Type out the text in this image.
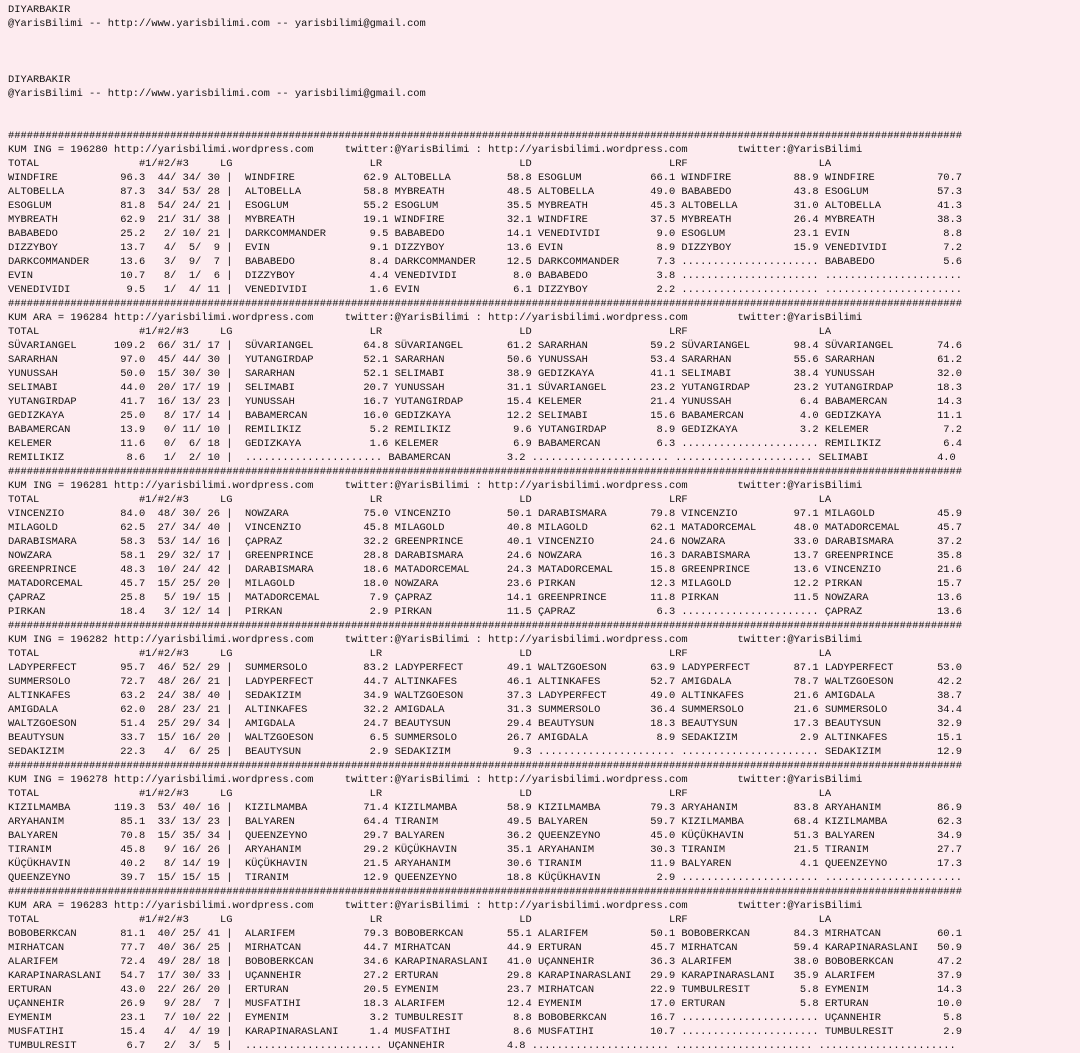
DIYARBAKIR
@YarisBilimi -- http://www.yarisbilimi.com -- yarisbilimi@gmail.com
DIYARBAKIR
@YarisBilimi -- http://www.yarisbilimi.com -- yarisbilimi@gmail.com
#########################################################################################################################################################
KUM ING = 196280 http://yarisbilimi.wordpress.com     twitter:@YarisBilimi : http://yarisbilimi.wordpress.com        twitter:@YarisBilimi
TOTAL                #1/#2/#3     LG                      LR                      LD                      LRF                     LA
WINDFIRE          96.3  44/ 34/ 30 |  WINDFIRE           62.9 ALTOBELLA         58.8 ESOGLUM           66.1 WINDFIRE          88.9 WINDFIRE          70.7
ALTOBELLA         87.3  34/ 53/ 28 |  ALTOBELLA          58.8 MYBREATH          48.5 ALTOBELLA         49.0 BABABEDO          43.8 ESOGLUM           57.3
ESOGLUM           81.8  54/ 24/ 21 |  ESOGLUM            55.2 ESOGLUM           35.5 MYBREATH          45.3 ALTOBELLA         31.0 ALTOBELLA         41.3
MYBREATH          62.9  21/ 31/ 38 |  MYBREATH           19.1 WINDFIRE          32.1 WINDFIRE          37.5 MYBREATH          26.4 MYBREATH          38.3
BABABEDO          25.2   2/ 10/ 21 |  DARKCOMMANDER       9.5 BABABEDO          14.1 VENEDIVIDI         9.0 ESOGLUM           23.1 EVIN               8.8
DIZZYBOY          13.7   4/  5/  9 |  EVIN                9.1 DIZZYBOY          13.6 EVIN               8.9 DIZZYBOY          15.9 VENEDIVIDI         7.2
DARKCOMMANDER     13.6   3/  9/  7 |  BABABEDO            8.4 DARKCOMMANDER     12.5 DARKCOMMANDER      7.3 ...................... BABABEDO           5.6
EVIN              10.7   8/  1/  6 |  DIZZYBOY            4.4 VENEDIVIDI         8.0 BABABEDO           3.8 ...................... ......................
VENEDIVIDI         9.5   1/  4/ 11 |  VENEDIVIDI          1.6 EVIN               6.1 DIZZYBOY           2.2 ...................... ......................
#########################################################################################################################################################
KUM ARA = 196284 http://yarisbilimi.wordpress.com     twitter:@YarisBilimi : http://yarisbilimi.wordpress.com        twitter:@YarisBilimi
TOTAL                #1/#2/#3     LG                      LR                      LD                      LRF                     LA
SÜVARIANGEL      109.2  66/ 31/ 17 |  SÜVARIANGEL        64.8 SÜVARIANGEL       61.2 SARARHAN          59.2 SÜVARIANGEL       98.4 SÜVARIANGEL       74.6
SARARHAN          97.0  45/ 44/ 30 |  YUTANGIRDAP        52.1 SARARHAN          50.6 YUNUSSAH          53.4 SARARHAN          55.6 SARARHAN          61.2
YUNUSSAH          50.0  15/ 30/ 30 |  SARARHAN           52.1 SELIMABI          38.9 GEDIZKAYA         41.1 SELIMABI          38.4 YUNUSSAH          32.0
SELIMABI          44.0  20/ 17/ 19 |  SELIMABI           20.7 YUNUSSAH          31.1 SÜVARIANGEL       23.2 YUTANGIRDAP       23.2 YUTANGIRDAP       18.3
YUTANGIRDAP       41.7  16/ 13/ 23 |  YUNUSSAH           16.7 YUTANGIRDAP       15.4 KELEMER           21.4 YUNUSSAH           6.4 BABAMERCAN        14.3
GEDIZKAYA         25.0   8/ 17/ 14 |  BABAMERCAN         16.0 GEDIZKAYA         12.2 SELIMABI          15.6 BABAMERCAN         4.0 GEDIZKAYA         11.1
BABAMERCAN        13.9   0/ 11/ 10 |  REMILIKIZ           5.2 REMILIKIZ          9.6 YUTANGIRDAP        8.9 GEDIZKAYA          3.2 KELEMER            7.2
KELEMER           11.6   0/  6/ 18 |  GEDIZKAYA           1.6 KELEMER            6.9 BABAMERCAN         6.3 ...................... REMILIKIZ          6.4
REMILIKIZ          8.6   1/  2/ 10 |  ...................... BABAMERCAN         3.2 ...................... ...................... SELIMABI           4.0
#########################################################################################################################################################
KUM ING = 196281 http://yarisbilimi.wordpress.com     twitter:@YarisBilimi : http://yarisbilimi.wordpress.com        twitter:@YarisBilimi
TOTAL                #1/#2/#3     LG                      LR                      LD                      LRF                     LA
VINCENZIO         84.0  48/ 30/ 26 |  NOWZARA            75.0 VINCENZIO         50.1 DARABISMARA       79.8 VINCENZIO         97.1 MILAGOLD          45.9
MILAGOLD          62.5  27/ 34/ 40 |  VINCENZIO          45.8 MILAGOLD          40.8 MILAGOLD          62.1 MATADORCEMAL      48.0 MATADORCEMAL      45.7
DARABISMARA       58.3  53/ 14/ 16 |  ÇAPRAZ             32.2 GREENPRINCE       40.1 VINCENZIO         24.6 NOWZARA           33.0 DARABISMARA       37.2
NOWZARA           58.1  29/ 32/ 17 |  GREENPRINCE        28.8 DARABISMARA       24.6 NOWZARA           16.3 DARABISMARA       13.7 GREENPRINCE       35.8
GREENPRINCE       48.3  10/ 24/ 42 |  DARABISMARA        18.6 MATADORCEMAL      24.3 MATADORCEMAL      15.8 GREENPRINCE       13.6 VINCENZIO         21.6
MATADORCEMAL      45.7  15/ 25/ 20 |  MILAGOLD           18.0 NOWZARA           23.6 PIRKAN            12.3 MILAGOLD          12.2 PIRKAN            15.7
ÇAPRAZ            25.8   5/ 19/ 15 |  MATADORCEMAL        7.9 ÇAPRAZ            14.1 GREENPRINCE       11.8 PIRKAN            11.5 NOWZARA           13.6
PIRKAN            18.4   3/ 12/ 14 |  PIRKAN              2.9 PIRKAN            11.5 ÇAPRAZ             6.3 ...................... ÇAPRAZ            13.6
#########################################################################################################################################################
KUM ING = 196282 http://yarisbilimi.wordpress.com     twitter:@YarisBilimi : http://yarisbilimi.wordpress.com        twitter:@YarisBilimi
TOTAL                #1/#2/#3     LG                      LR                      LD                      LRF                     LA
LADYPERFECT       95.7  46/ 52/ 29 |  SUMMERSOLO         83.2 LADYPERFECT       49.1 WALTZGOESON       63.9 LADYPERFECT       87.1 LADYPERFECT       53.0
SUMMERSOLO        72.7  48/ 26/ 21 |  LADYPERFECT        44.7 ALTINKAFES        46.1 ALTINKAFES        52.7 AMIGDALA          78.7 WALTZGOESON       42.2
ALTINKAFES        63.2  24/ 38/ 40 |  SEDAKIZIM          34.9 WALTZGOESON       37.3 LADYPERFECT       49.0 ALTINKAFES        21.6 AMIGDALA          38.7
AMIGDALA          62.0  28/ 23/ 21 |  ALTINKAFES         32.2 AMIGDALA          31.3 SUMMERSOLO        36.4 SUMMERSOLO        21.6 SUMMERSOLO        34.4
WALTZGOESON       51.4  25/ 29/ 34 |  AMIGDALA           24.7 BEAUTYSUN         29.4 BEAUTYSUN         18.3 BEAUTYSUN         17.3 BEAUTYSUN         32.9
BEAUTYSUN         33.7  15/ 16/ 20 |  WALTZGOESON         6.5 SUMMERSOLO        26.7 AMIGDALA           8.9 SEDAKIZIM          2.9 ALTINKAFES        15.1
SEDAKIZIM         22.3   4/  6/ 25 |  BEAUTYSUN           2.9 SEDAKIZIM          9.3 ...................... ...................... SEDAKIZIM         12.9
#########################################################################################################################################################
KUM ING = 196278 http://yarisbilimi.wordpress.com     twitter:@YarisBilimi : http://yarisbilimi.wordpress.com        twitter:@YarisBilimi
TOTAL                #1/#2/#3     LG                      LR                      LD                      LRF                     LA
KIZILMAMBA       119.3  53/ 40/ 16 |  KIZILMAMBA         71.4 KIZILMAMBA        58.9 KIZILMAMBA        79.3 ARYAHANIM         83.8 ARYAHANIM         86.9
ARYAHANIM         85.1  33/ 13/ 23 |  BALYAREN           64.4 TIRANIM           49.5 BALYAREN          59.7 KIZILMAMBA        68.4 KIZILMAMBA        62.3
BALYAREN          70.8  15/ 35/ 34 |  QUEENZEYNO         29.7 BALYAREN          36.2 QUEENZEYNO        45.0 KÜÇÜKHAVIN        51.3 BALYAREN          34.9
TIRANIM           45.8   9/ 16/ 26 |  ARYAHANIM          29.2 KÜÇÜKHAVIN        35.1 ARYAHANIM         30.3 TIRANIM           21.5 TIRANIM           27.7
KÜÇÜKHAVIN        40.2   8/ 14/ 19 |  KÜÇÜKHAVIN         21.5 ARYAHANIM         30.6 TIRANIM           11.9 BALYAREN           4.1 QUEENZEYNO        17.3
QUEENZEYNO        39.7  15/ 15/ 15 |  TIRANIM            12.9 QUEENZEYNO        18.8 KÜÇÜKHAVIN         2.9 ...................... ......................
#########################################################################################################################################################
KUM ARA = 196283 http://yarisbilimi.wordpress.com     twitter:@YarisBilimi : http://yarisbilimi.wordpress.com        twitter:@YarisBilimi
TOTAL                #1/#2/#3     LG                      LR                      LD                      LRF                     LA
BOBOBERKCAN       81.1  40/ 25/ 41 |  ALARIFEM           79.3 BOBOBERKCAN       55.1 ALARIFEM          50.1 BOBOBERKCAN       84.3 MIRHATCAN         60.1
MIRHATCAN         77.7  40/ 36/ 25 |  MIRHATCAN          44.7 MIRHATCAN         44.9 ERTURAN           45.7 MIRHATCAN         59.4 KARAPINARASLANI   50.9
ALARIFEM          72.4  49/ 28/ 18 |  BOBOBERKCAN        34.6 KARAPINARASLANI   41.0 UÇANNEHIR         36.3 ALARIFEM          38.0 BOBOBERKCAN       47.2
KARAPINARASLANI   54.7  17/ 30/ 33 |  UÇANNEHIR          27.2 ERTURAN           29.8 KARAPINARASLANI   29.9 KARAPINARASLANI   35.9 ALARIFEM          37.9
ERTURAN           43.0  22/ 26/ 20 |  ERTURAN            20.5 EYMENIM           23.7 MIRHATCAN         22.9 TUMBULRESIT        5.8 EYMENIM           14.3
UÇANNEHIR         26.9   9/ 28/  7 |  MUSFATIHI          18.3 ALARIFEM          12.4 EYMENIM           17.0 ERTURAN            5.8 ERTURAN           10.0
EYMENIM           23.1   7/ 10/ 22 |  EYMENIM             3.2 TUMBULRESIT        8.8 BOBOBERKCAN       16.7 ...................... UÇANNEHIR          5.8
MUSFATIHI         15.4   4/  4/ 19 |  KARAPINARASLANI     1.4 MUSFATIHI          8.6 MUSFATIHI         10.7 ...................... TUMBULRESIT        2.9
TUMBULRESIT        6.7   2/  3/  5 |  ...................... UÇANNEHIR          4.8 ...................... ...................... ......................
